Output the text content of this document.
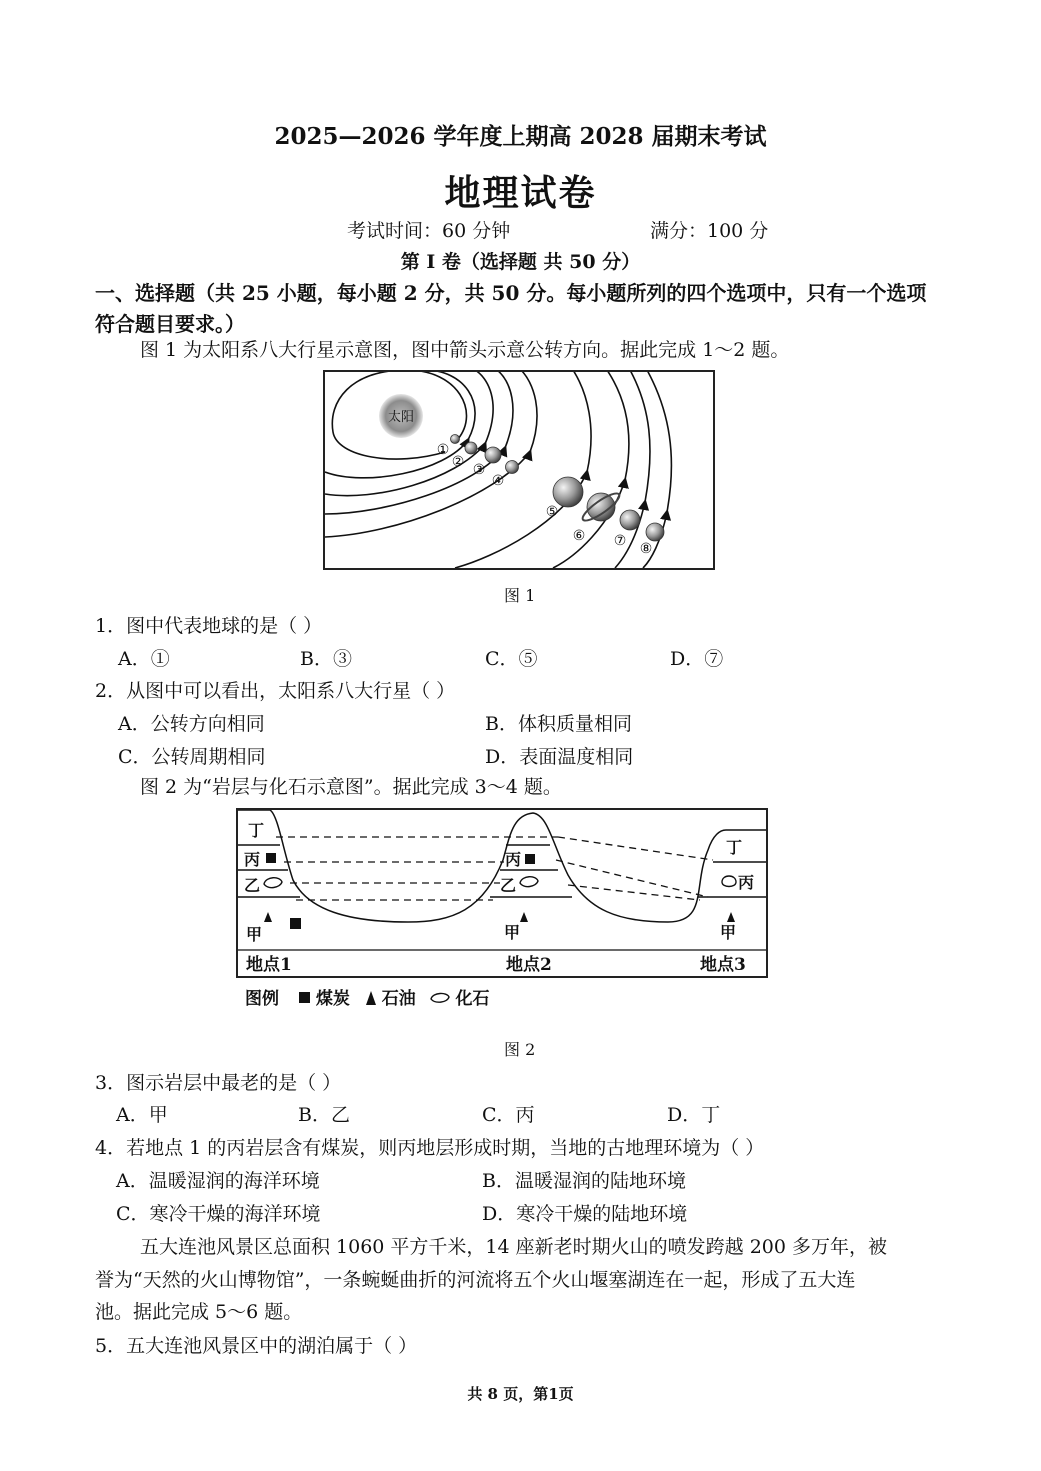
2025—2026 学年度上期高 2028 届期末考试
地理试卷
考试时间：60 分钟	满分：100 分
第 I 卷（选择题 共 50 分）
一、选择题（共 25 小题，每小题 2 分，共 50 分。每小题所列的四个选项中，只有一个选项
符合题目要求。）
图 1 为太阳系八大行星示意图，图中箭头示意公转方向。据此完成 1～2 题。
太阳
①
② ③
④
⑤
⑥ ⑦ ⑧
图 1
1．图中代表地球的是（ ）
A．①	B．③	C．⑤	D．⑦
2．从图中可以看出，太阳系八大行星（ ）
A．公转方向相同	B．体积质量相同
C．公转周期相同	D．表面温度相同
图 2 为“岩层与化石示意图”。据此完成 3～4 题。
丁
丙
乙
甲
丙
乙
甲
丁
丙
甲
地点1	地点2	地点3
图例 煤炭 石油 化石
图 2
3．图示岩层中最老的是（ ）
A．甲	B．乙	C．丙	D．丁
4．若地点 1 的丙岩层含有煤炭，则丙地层形成时期，当地的古地理环境为（ ）
A．温暖湿润的海洋环境	B．温暖湿润的陆地环境
C．寒冷干燥的海洋环境	D．寒冷干燥的陆地环境
五大连池风景区总面积 1060 平方千米，14 座新老时期火山的喷发跨越 200 多万年，被
誉为“天然的火山博物馆”，一条蜿蜒曲折的河流将五个火山堰塞湖连在一起，形成了五大连
池。据此完成 5～6 题。
5．五大连池风景区中的湖泊属于（ ）
共 8 页，第1页
